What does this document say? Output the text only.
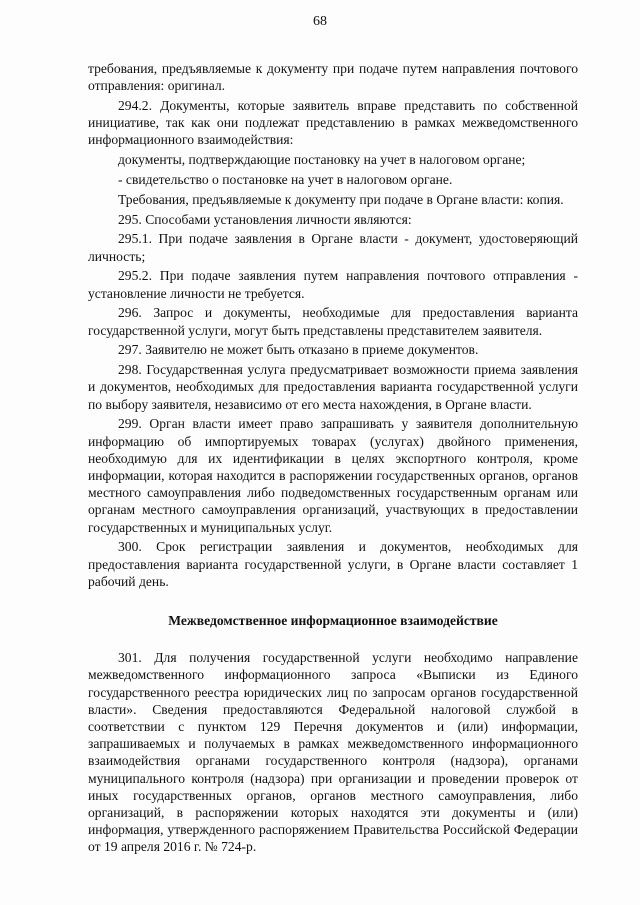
68

требования, предъявляемые к документу при подаче путем направления почтового отправления: оригинал.

294.2. Документы, которые заявитель вправе представить по собственной инициативе, так как они подлежат представлению в рамках межведомственного информационного взаимодействия:

документы, подтверждающие постановку на учет в налоговом органе;

- свидетельство о постановке на учет в налоговом органе.

Требования, предъявляемые к документу при подаче в Органе власти: копия.

295. Способами установления личности являются:

295.1. При подаче заявления в Органе власти - документ, удостоверяющий личность;

295.2. При подаче заявления путем направления почтового отправления - установление личности не требуется.

296. Запрос и документы, необходимые для предоставления варианта государственной услуги, могут быть представлены представителем заявителя.

297. Заявителю не может быть отказано в приеме документов.

298. Государственная услуга предусматривает возможности приема заявления и документов, необходимых для предоставления варианта государственной услуги по выбору заявителя, независимо от его места нахождения, в Органе власти.

299. Орган власти имеет право запрашивать у заявителя дополнительную информацию об импортируемых товарах (услугах) двойного применения, необходимую для их идентификации в целях экспортного контроля, кроме информации, которая находится в распоряжении государственных органов, органов местного самоуправления либо подведомственных государственным органам или органам местного самоуправления организаций, участвующих в предоставлении государственных и муниципальных услуг.

300. Срок регистрации заявления и документов, необходимых для предоставления варианта государственной услуги, в Органе власти составляет 1 рабочий день.

Межведомственное информационное взаимодействие

301. Для получения государственной услуги необходимо направление межведомственного информационного запроса «Выписки из Единого государственного реестра юридических лиц по запросам органов государственной власти». Сведения предоставляются Федеральной налоговой службой в соответствии с пунктом 129 Перечня документов и (или) информации, запрашиваемых и получаемых в рамках межведомственного информационного взаимодействия органами государственного контроля (надзора), органами муниципального контроля (надзора) при организации и проведении проверок от иных государственных органов, органов местного самоуправления, либо организаций, в распоряжении которых находятся эти документы и (или) информация, утвержденного распоряжением Правительства Российской Федерации от 19 апреля 2016 г. № 724-р.
